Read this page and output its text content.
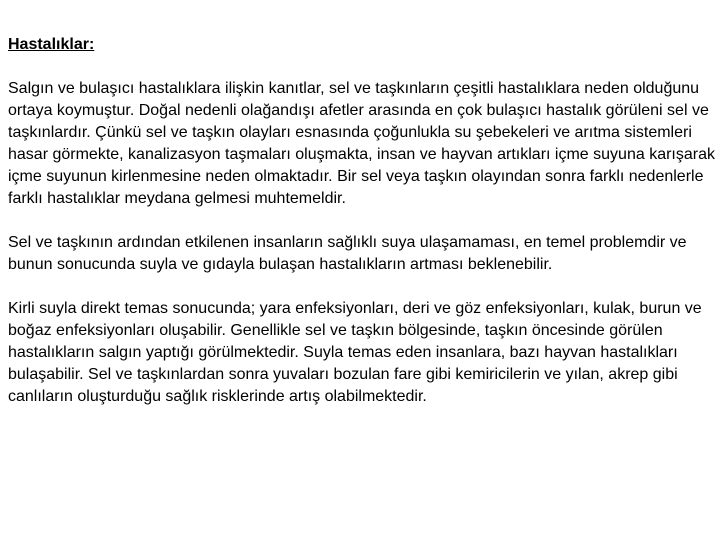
Hastalıklar:

Salgın ve bulaşıcı hastalıklara ilişkin kanıtlar, sel ve taşkınların çeşitli hastalıklara neden olduğunu ortaya koymuştur. Doğal nedenli olağandışı afetler arasında en çok bulaşıcı hastalık görüleni sel ve taşkınlardır. Çünkü sel ve taşkın olayları esnasında çoğunlukla su şebekeleri ve arıtma sistemleri hasar görmekte, kanalizasyon taşmaları oluşmakta, insan ve hayvan artıkları içme suyuna karışarak içme suyunun kirlenmesine neden olmaktadır. Bir sel veya taşkın olayından sonra farklı nedenlerle farklı hastalıklar meydana gelmesi muhtemeldir.

Sel ve taşkının ardından etkilenen insanların sağlıklı suya ulaşamaması, en temel problemdir ve bunun sonucunda suyla ve gıdayla bulaşan hastalıkların artması beklenebilir.

Kirli suyla direkt temas sonucunda; yara enfeksiyonları, deri ve göz enfeksiyonları, kulak, burun ve boğaz enfeksiyonları oluşabilir. Genellikle sel ve taşkın bölgesinde, taşkın öncesinde görülen hastalıkların salgın yaptığı görülmektedir. Suyla temas eden insanlara, bazı hayvan hastalıkları bulaşabilir. Sel ve taşkınlardan sonra yuvaları bozulan fare gibi kemiricilerin ve yılan, akrep gibi canlıların oluşturduğu sağlık risklerinde artış olabilmektedir.
